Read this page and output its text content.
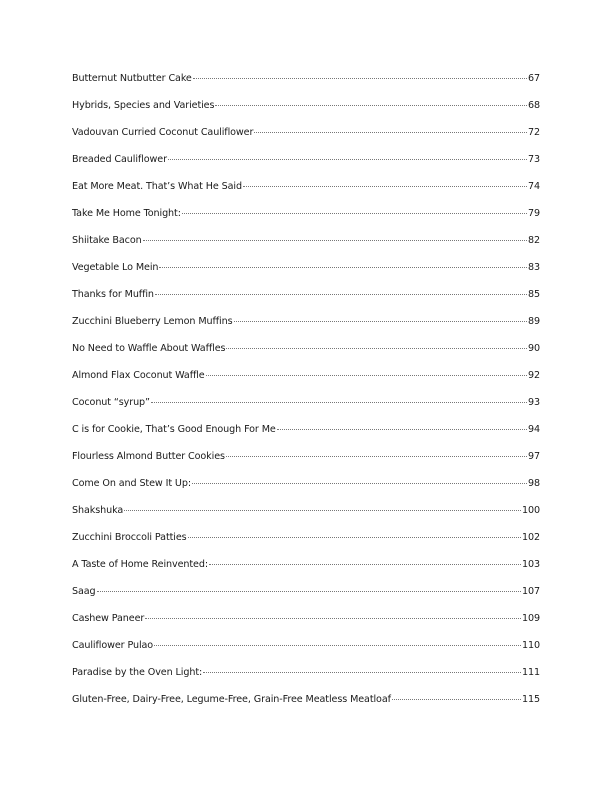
Butternut Nutbutter Cake	67
Hybrids, Species and Varieties	68
Vadouvan Curried Coconut Cauliflower	72
Breaded Cauliflower	73
Eat More Meat. That’s What He Said	74
Take Me Home Tonight:	79
Shiitake Bacon	82
Vegetable Lo Mein	83
Thanks for Muffin	85
Zucchini Blueberry Lemon Muffins	89
No Need to Waffle About Waffles	90
Almond Flax Coconut Waffle	92
Coconut “syrup”	93
C is for Cookie, That’s Good Enough For Me	94
Flourless Almond Butter Cookies	97
Come On and Stew It Up:	98
Shakshuka	100
Zucchini Broccoli Patties	102
A Taste of Home Reinvented:	103
Saag	107
Cashew Paneer	109
Cauliflower Pulao	110
Paradise by the Oven Light:	111
Gluten-Free, Dairy-Free, Legume-Free, Grain-Free Meatless Meatloaf	115
